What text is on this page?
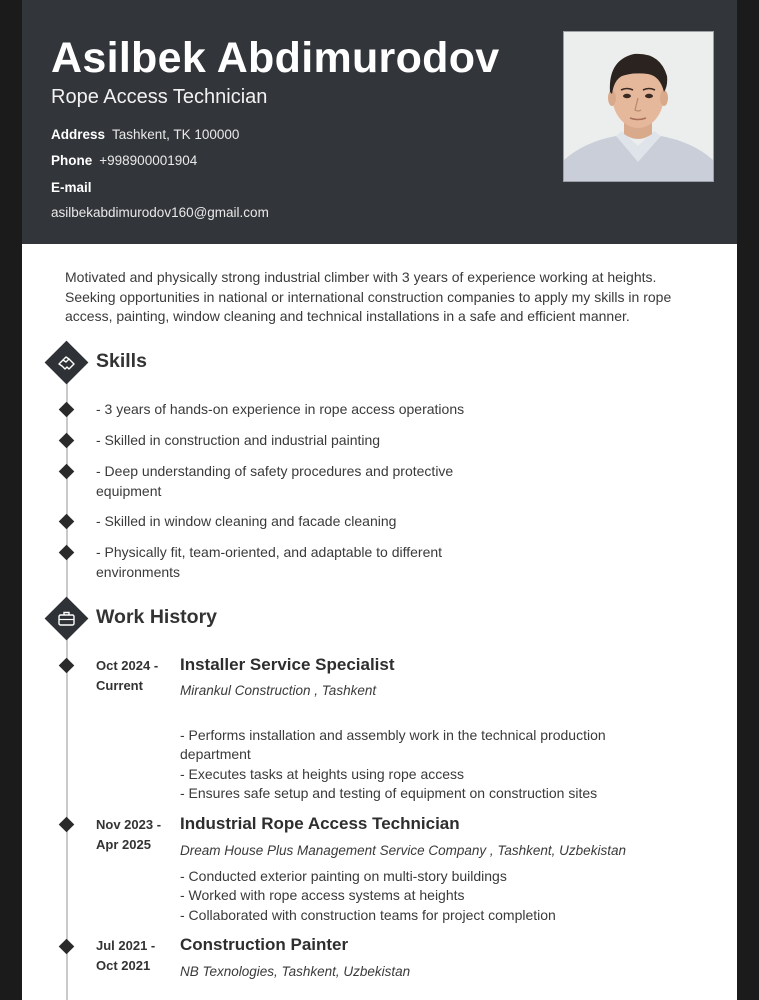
Asilbek Abdimurodov
Rope Access Technician
Address Tashkent, TK 100000
Phone +998900001904
E-mail
asilbekabdimurodov160@gmail.com

Motivated and physically strong industrial climber with 3 years of experience working at heights. Seeking opportunities in national or international construction companies to apply my skills in rope access, painting, window cleaning and technical installations in a safe and efficient manner.

Skills
- 3 years of hands-on experience in rope access operations
- Skilled in construction and industrial painting
- Deep understanding of safety procedures and protective equipment
- Skilled in window cleaning and facade cleaning
- Physically fit, team-oriented, and adaptable to different environments
Work History
Oct 2024 -
Current
Installer Service Specialist
Mirankul Construction , Tashkent
- Performs installation and assembly work in the technical production department
- Executes tasks at heights using rope access
- Ensures safe setup and testing of equipment on construction sites
Nov 2023 -
Apr 2025
Industrial Rope Access Technician
Dream House Plus Management Service Company , Tashkent, Uzbekistan
- Conducted exterior painting on multi-story buildings
- Worked with rope access systems at heights
- Collaborated with construction teams for project completion
Jul 2021 -
Oct 2021
Construction Painter
NB Texnologies, Tashkent, Uzbekistan
